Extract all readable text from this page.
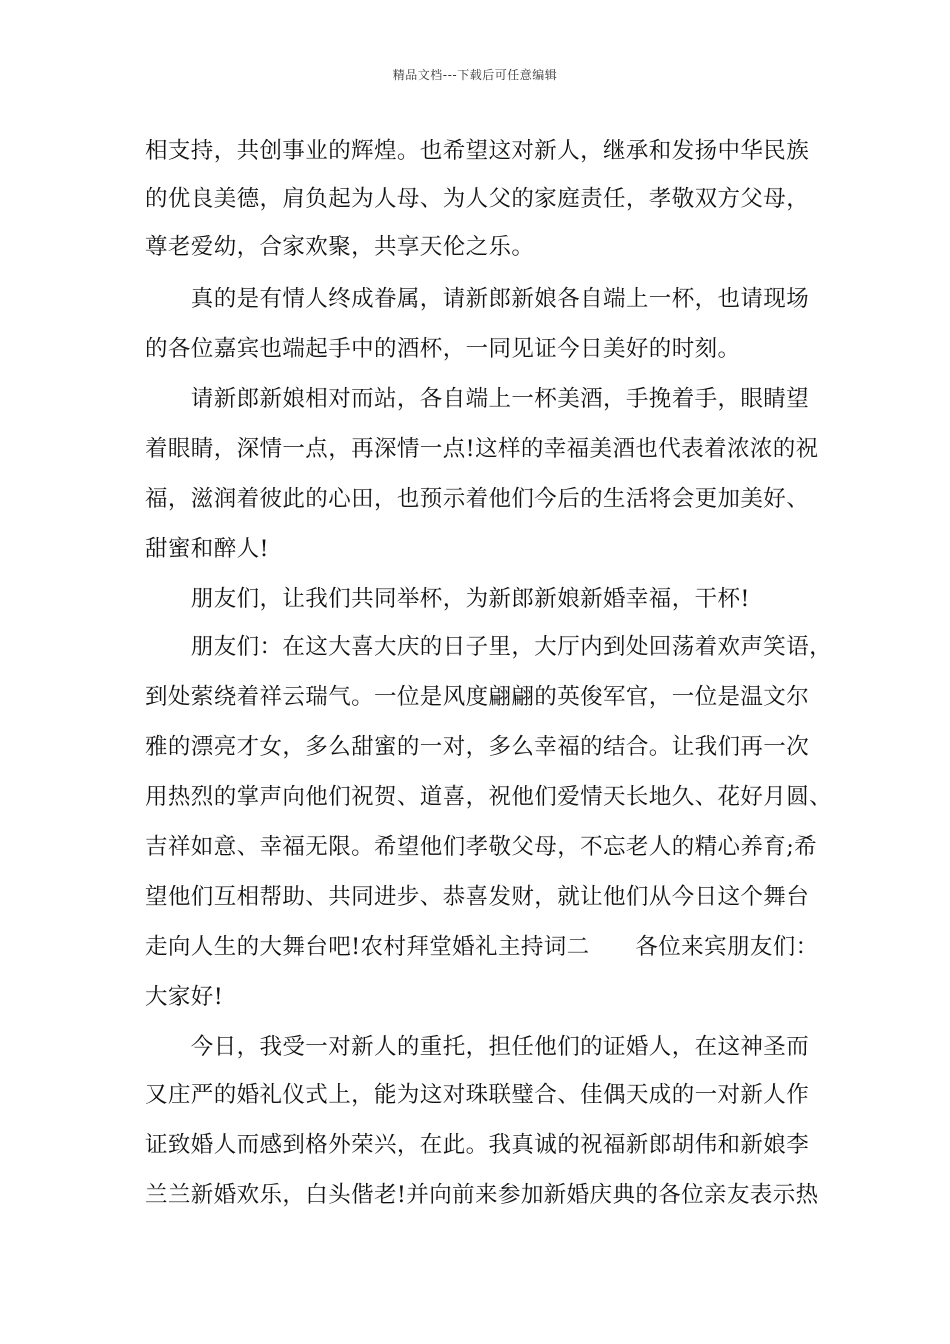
精品文档---下载后可任意编辑
相支持，共创事业的辉煌。也希望这对新人，继承和发扬中华民族
的优良美德，肩负起为人母、为人父的家庭责任，孝敬双方父母，
尊老爱幼，合家欢聚，共享天伦之乐。
　　真的是有情人终成眷属，请新郎新娘各自端上一杯，也请现场
的各位嘉宾也端起手中的酒杯，一同见证今日美好的时刻。
　　请新郎新娘相对而站，各自端上一杯美酒，手挽着手，眼睛望
着眼睛，深情一点，再深情一点!这样的幸福美酒也代表着浓浓的祝
福，滋润着彼此的心田，也预示着他们今后的生活将会更加美好、
甜蜜和醉人!
　　朋友们，让我们共同举杯，为新郎新娘新婚幸福，干杯!
　　朋友们：在这大喜大庆的日子里，大厅内到处回荡着欢声笑语，
到处萦绕着祥云瑞气。一位是风度翩翩的英俊军官，一位是温文尔
雅的漂亮才女，多么甜蜜的一对，多么幸福的结合。让我们再一次
用热烈的掌声向他们祝贺、道喜，祝他们爱情天长地久、花好月圆、
吉祥如意、幸福无限。希望他们孝敬父母，不忘老人的精心养育;希
望他们互相帮助、共同进步、恭喜发财，就让他们从今日这个舞台
走向人生的大舞台吧!农村拜堂婚礼主持词二　　各位来宾朋友们：
大家好!
　　今日，我受一对新人的重托，担任他们的证婚人，在这神圣而
又庄严的婚礼仪式上，能为这对珠联璧合、佳偶天成的一对新人作
证致婚人而感到格外荣兴，在此。我真诚的祝福新郎胡伟和新娘李
兰兰新婚欢乐，白头偕老!并向前来参加新婚庆典的各位亲友表示热
